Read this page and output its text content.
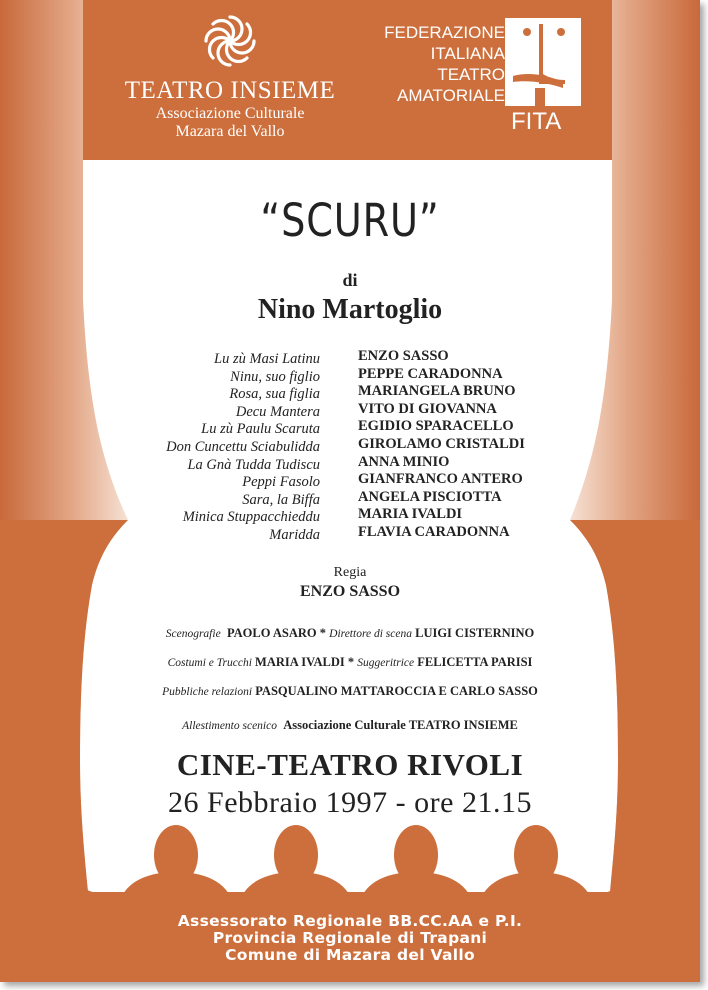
TEATRO INSIEME
Associazione Culturale
Mazara del Vallo
FEDERAZIONE
ITALIANA
TEATRO
AMATORIALE
FITA
“SCURU”
di
Nino Martoglio
Lu zù Masi Latinu
Ninu, suo figlio
Rosa, sua figlia
Decu Mantera
Lu zù Paulu Scaruta
Don Cuncettu Sciabulidda
La Gnà Tudda Tudiscu
Peppi Fasolo
Sara, la Biffa
Minica Stuppacchieddu
Maridda
ENZO SASSO
PEPPE CARADONNA
MARIANGELA BRUNO
VITO DI GIOVANNA
EGIDIO SPARACELLO
GIROLAMO CRISTALDI
ANNA MINIO
GIANFRANCO ANTERO
ANGELA PISCIOTTA
MARIA IVALDI
FLAVIA CARADONNA
Regia
ENZO SASSO
Scenografie PAOLO ASARO * Direttore di scena LUIGI CISTERNINO
Costumi e Trucchi MARIA IVALDI * Suggeritrice FELICETTA PARISI
Pubbliche relazioni PASQUALINO MATTAROCCIA E CARLO SASSO
Allestimento scenico Associazione Culturale TEATRO INSIEME
CINE-TEATRO RIVOLI
26 Febbraio 1997 - ore 21.15
Assessorato Regionale BB.CC.AA e P.I.
Provincia Regionale di Trapani
Comune di Mazara del Vallo
